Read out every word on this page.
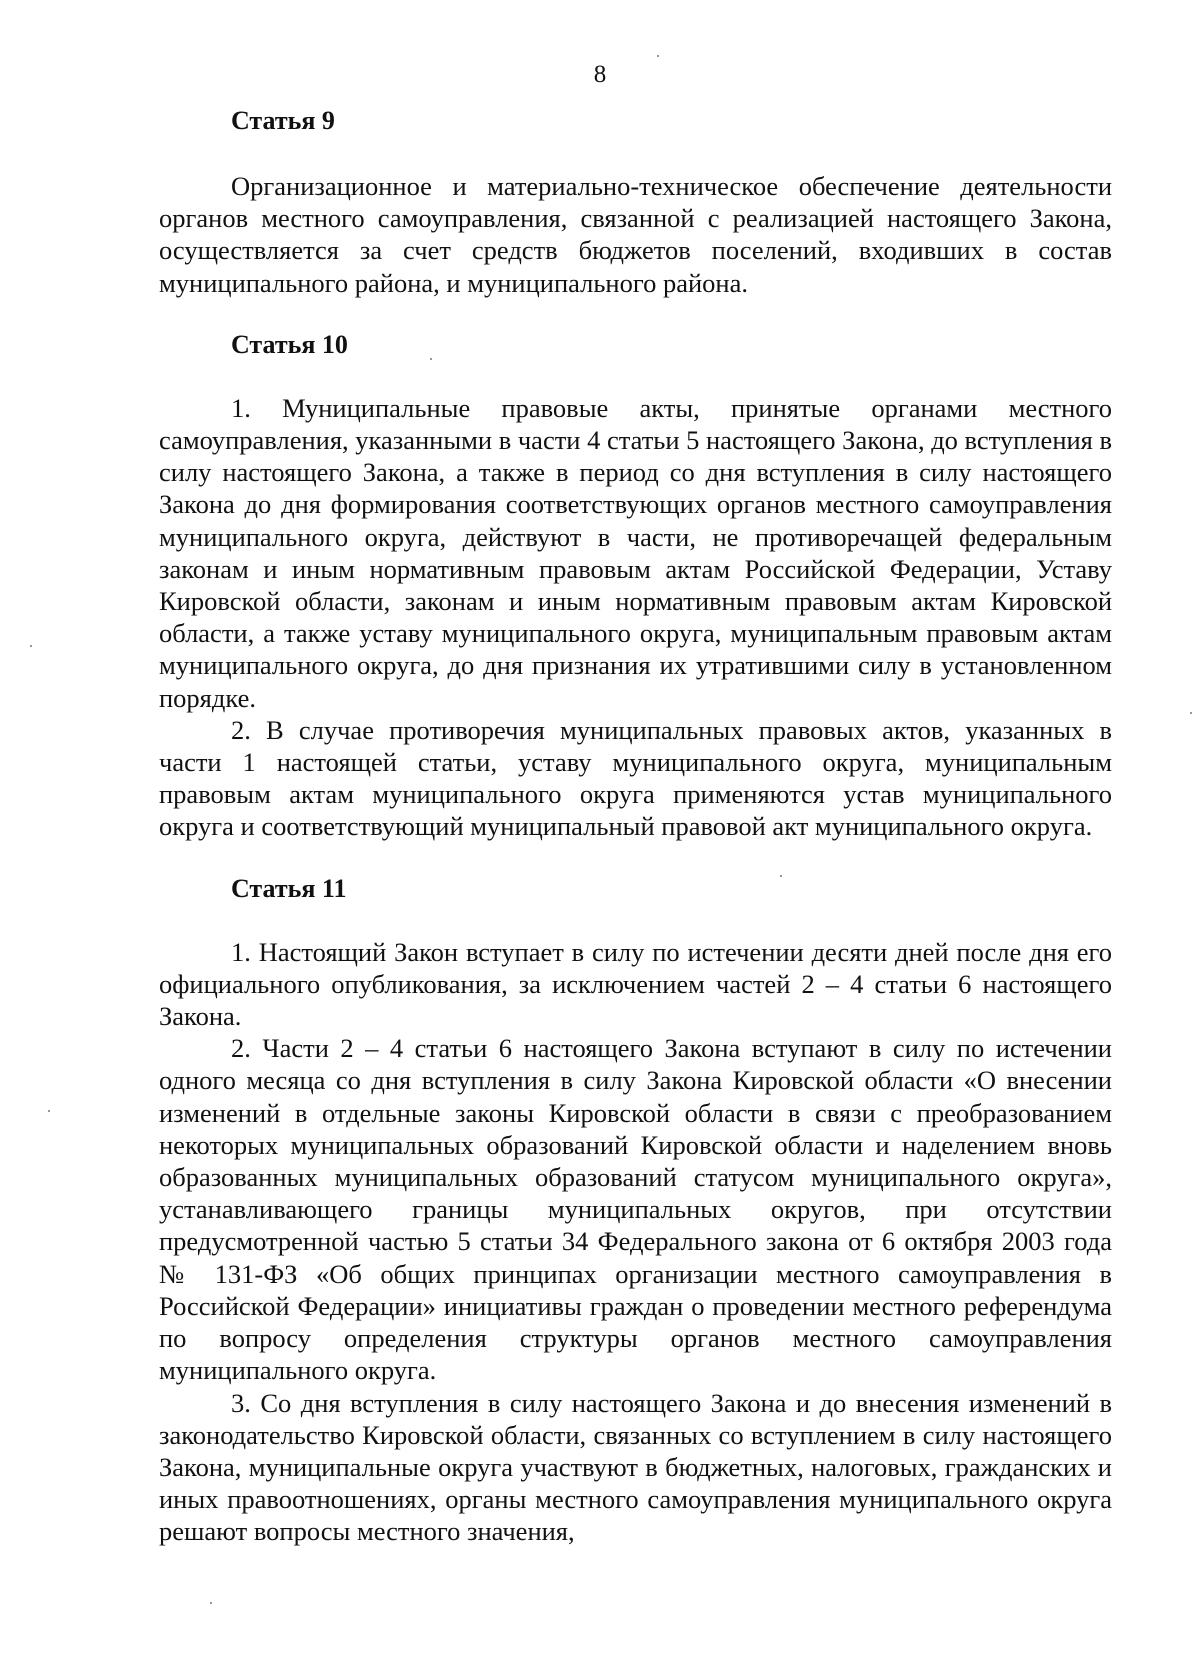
8
Статья 9

Организационное и материально-техническое обеспечение деятельности органов местного самоуправления, связанной с реализацией настоящего Закона, осуществляется за счет средств бюджетов поселений, входивших в состав муниципального района, и муниципального района.

Статья 10

1. Муниципальные правовые акты, принятые органами местного самоуправления, указанными в части 4 статьи 5 настоящего Закона, до вступления в силу настоящего Закона, а также в период со дня вступления в силу настоящего Закона до дня формирования соответствующих органов местного самоуправления муниципального округа, действуют в части, не противоречащей федеральным законам и иным нормативным правовым актам Российской Федерации, Уставу Кировской области, законам и иным нормативным правовым актам Кировской области, а также уставу муниципального округа, муниципальным правовым актам муниципального округа, до дня признания их утратившими силу в установленном порядке.

2. В случае противоречия муниципальных правовых актов, указанных в части 1 настоящей статьи, уставу муниципального округа, муниципальным правовым актам муниципального округа применяются устав муниципального округа и соответствующий муниципальный правовой акт муниципального округа.

Статья 11

1. Настоящий Закон вступает в силу по истечении десяти дней после дня его официального опубликования, за исключением частей 2 – 4 статьи 6 настоящего Закона.

2. Части 2 – 4 статьи 6 настоящего Закона вступают в силу по истечении одного месяца со дня вступления в силу Закона Кировской области «О внесении изменений в отдельные законы Кировской области в связи с преобразованием некоторых муниципальных образований Кировской области и наделением вновь образованных муниципальных образований статусом муниципального округа», устанавливающего границы муниципальных округов, при отсутствии предусмотренной частью 5 статьи 34 Федерального закона от 6 октября 2003 года № 131-ФЗ «Об общих принципах организации местного самоуправления в Российской Федерации» инициативы граждан о проведении местного референдума по вопросу определения структуры органов местного самоуправления муниципального округа.

3. Со дня вступления в силу настоящего Закона и до внесения изменений в законодательство Кировской области, связанных со вступлением в силу настоящего Закона, муниципальные округа участвуют в бюджетных, налоговых, гражданских и иных правоотношениях, органы местного самоуправления муниципального округа решают вопросы местного значения,
